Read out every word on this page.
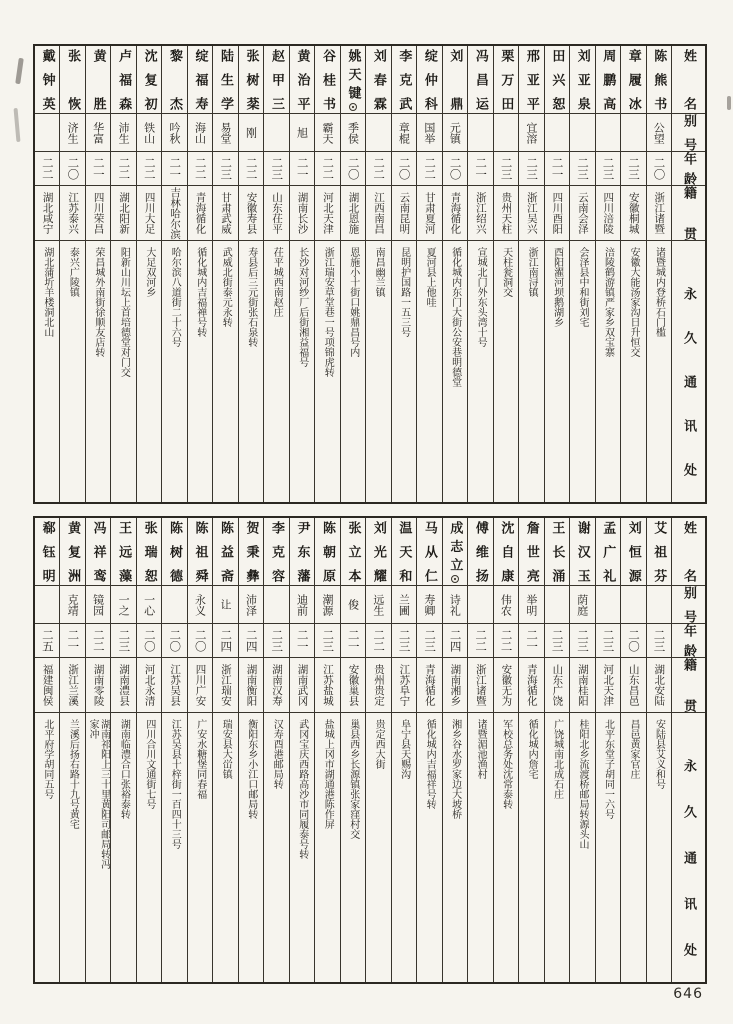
姓名
别号
年龄
籍贯
永久通讯处
陈熊书
公望
二〇
浙江诸暨
诸暨城内登桥石门槛
章履冰
二三
安徽桐城
安徽大能汤家沟日升恒交
周鹏高
二三
四川涪陵
涪陵鹤游镇严家乡双宝寨
刘亚泉
二三
云南会泽
会泽县中和街刘宅
田兴恕
二一
四川酉阳
酉阳濯河坝鹅湖乡
邢亚平
宜溶
二三
浙江吴兴
浙江南浔镇
栗万田
二三
贵州天柱
天柱瓮洞交
冯昌运
二一
浙江绍兴
宣城北门外东头湾十号
刘鼎
元镇
二〇
青海循化
循化城内东门大街公安巷明德堂
绽仲科
国举
二二
甘肃夏河
夏河县上他哇
李克武
章棍
二〇
云南昆明
昆明护国路一五三号
刘春霖
二二
江西南昌
南昌幽兰镇
姚天键
季侯
二〇
湖北恩施
恩施小十街口姚鼎昌号内
谷桂书
霸天
二二
河北天津
浙江瑞安草堂巷一号项锦虎转
黄治平
旭
二一
湖南长沙
长沙对河纱厂后街湘益福号
赵甲三
二三
山东茌平
茌平城西南赵庄
张树棻
刚
二二
安徽寿县
寿县后三元街张石泉转
陆生学
易堂
二三
甘肃武威
武威北街泰元永转
绽福寿
海山
二二
青海循化
循化城内吉福禅号转
黎杰
吟秋
二一
吉林哈尔滨
哈尔滨八道街二十六号
沈复初
铁山
二二
四川大足
大足双河乡
卢福森
沛生
二二
湖北阳新
阳新山川坛上首培德堂对门交
黄胜
华富
二一
四川荣昌
荣昌城外南街徐顺友店转
张恢
济生
二〇
江苏泰兴
泰兴广陵镇
戴钟英
二二
湖北咸宁
湖北蒲圻羊楼洞北山
姓名
别号
年龄
籍贯
永久通讯处
艾祖芬
二三
湖北安陆
安陆县艾义和号
刘恒源
二〇
山东昌邑
昌邑黄家官庄
孟广礼
二三
河北天津
北平东堂子胡同一六号
谢汉玉
荫庭
二三
湖南桂阳
桂阳北乡流渡桥邮局转源头山
王长涌
二三
山东广饶
广饶城南北成石庄
詹世亮
举明
二一
青海循化
循化城内詹宅
沈自康
伟农
二二
安徽无为
军校总务处沈常泰转
傅维扬
二二
浙江诸暨
诸暨湄池渔村
成志立
诗礼
二四
湖南湘乡
湘乡谷水罗家边大坡桥
马从仁
寿卿
二三
青海循化
循化城内吉福祥号转
温天和
兰圃
二三
江苏阜宁
阜宁县天赐沟
刘光耀
远生
二二
贵州贵定
贵定西大街
张立本
俊
二一
安徽巢县
巢县西乡长源镇张家窪村交
陈朝原
潮源
二三
江苏盐城
盐城上冈市湖通港陈作屏
尹东藩
迪前
二一
湖南武冈
武冈宝庆西路高沙市同履泰号转
李克容
二三
湖南汉寿
汉寿酉港邮局转
贺秉彝
沛泽
二四
湖南衡阳
衡阳东乡小江口邮局转
陈益斋
让
二四
浙江瑞安
瑞安县大峃镇
陈祖舜
永义
二〇
四川广安
广安水糖堡同春福
陈树德
二〇
江苏吴县
江苏吴县十梓街一百四十三号
张瑞恕
一心
二〇
河北永清
四川合川文通街七号
王远藻
一之
二三
湖南澧县
湖南临澧合口张裕泰转
冯祥鸾
镜园
二二
湖南零陵
湖南祁阳上三十里黄阳司邮局转冯家冲
黄复洲
克靖
二一
浙江兰溪
兰溪后扬右路十九号黄宅
郗钰明
二五
福建闽侯
北平府学胡同五号
646
